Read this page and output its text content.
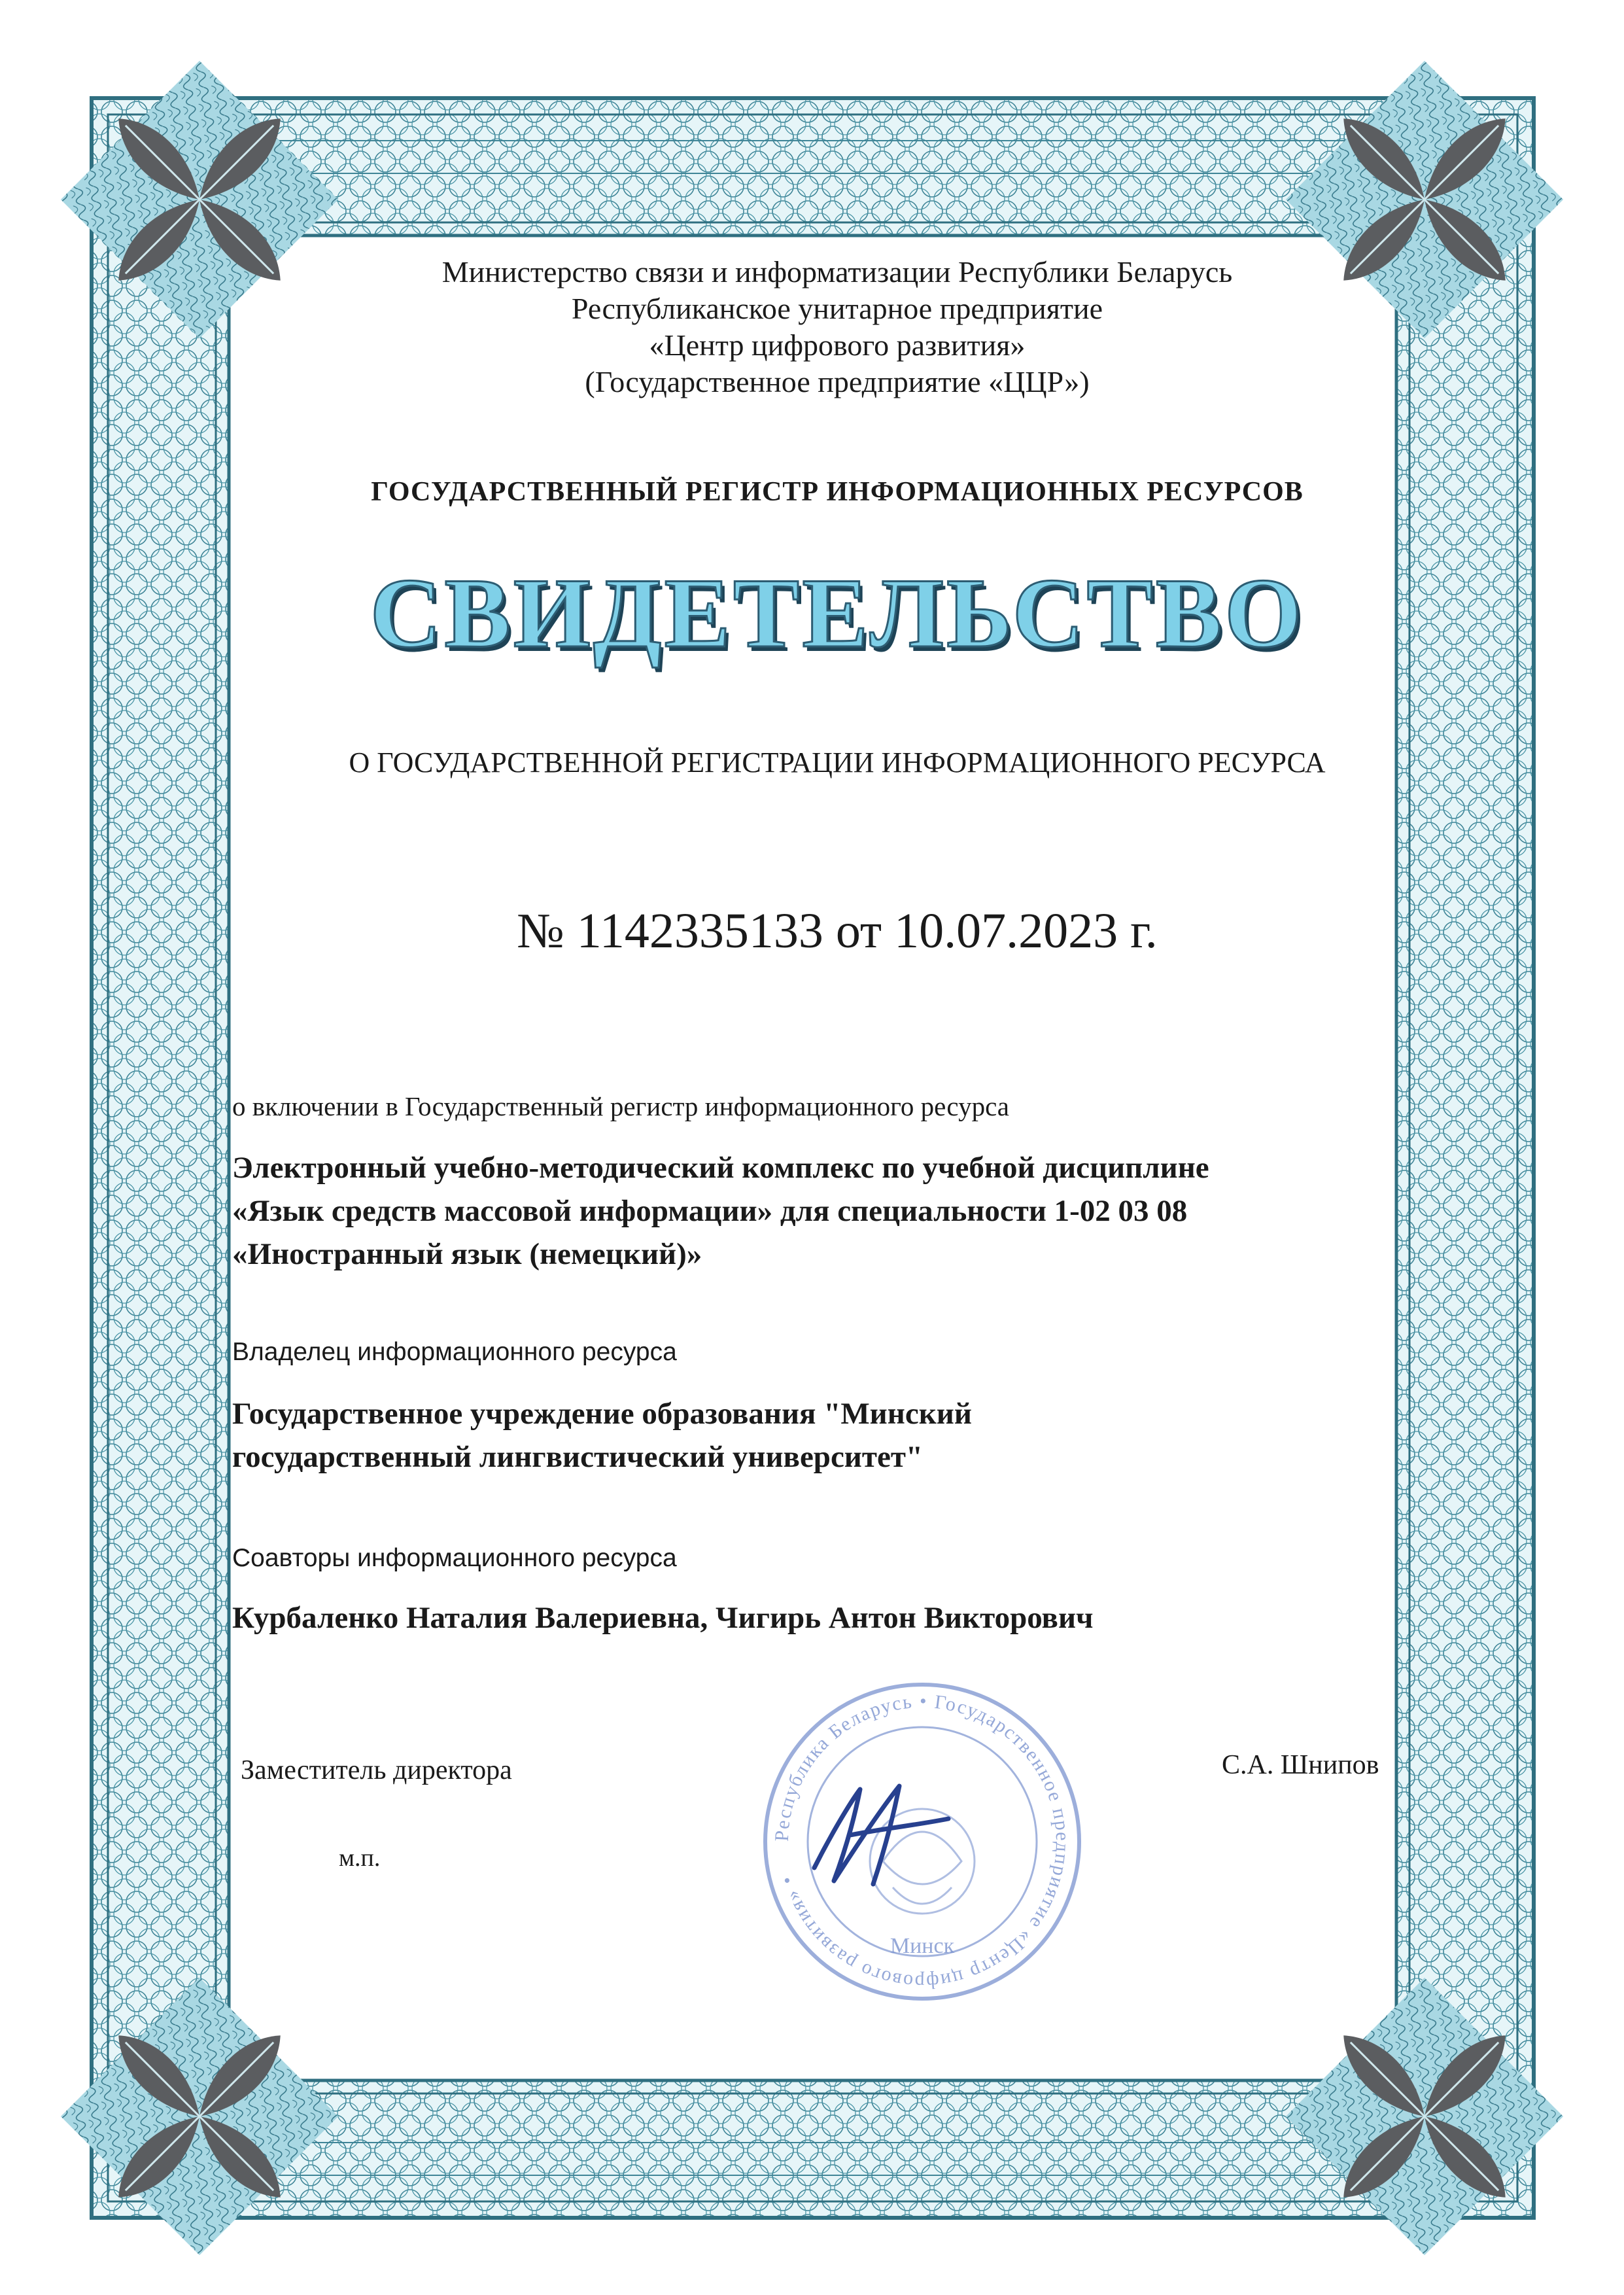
Министерство связи и информатизации Республики Беларусь

Республиканское унитарное предприятие

«Центр цифрового развития»

(Государственное предприятие «ЦЦР»)

ГОСУДАРСТВЕННЫЙ РЕГИСТР ИНФОРМАЦИОННЫХ РЕСУРСОВ
СВИДЕТЕЛЬСТВО
О ГОСУДАРСТВЕННОЙ РЕГИСТРАЦИИ ИНФОРМАЦИОННОГО РЕСУРСА
№ 1142335133 от 10.07.2023 г.
о включении в Государственный регистр информационного ресурса
Электронный учебно-методический комплекс по учебной дисциплине
«Язык средств массовой информации» для специальности 1-02 03 08
«Иностранный язык (немецкий)»
Владелец информационного ресурса
Государственное учреждение образования "Минский
государственный лингвистический университет"
Соавторы информационного ресурса
Курбаленко Наталия Валериевна, Чигирь Антон Викторович
Заместитель директора	С.А. Шнипов
м.п.
Республика Беларусь • Государственное предприятие «Центр цифрового развития» •
Минск
